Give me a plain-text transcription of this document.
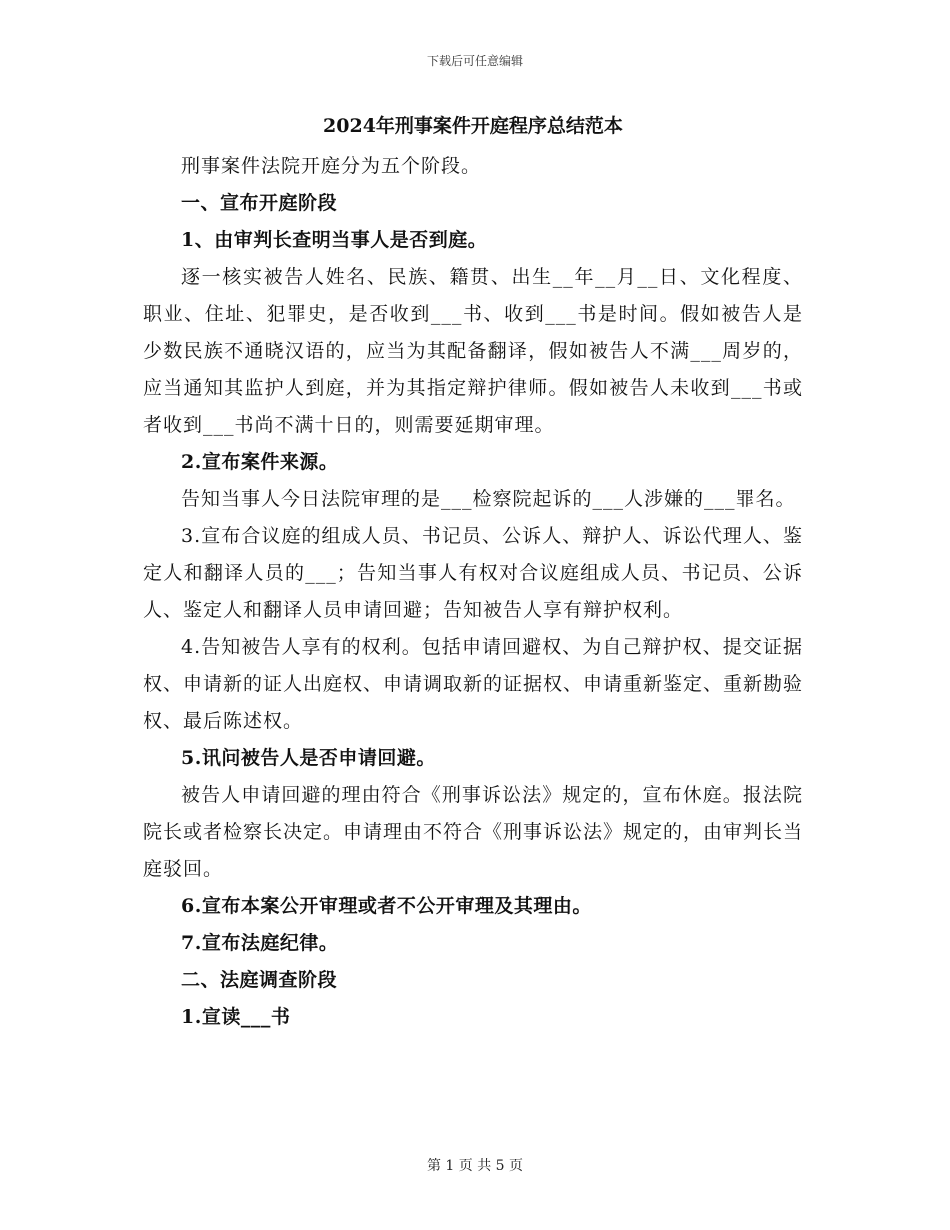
下载后可任意编辑
2024年刑事案件开庭程序总结范本

刑事案件法院开庭分为五个阶段。

一、宣布开庭阶段

1、由审判长查明当事人是否到庭。

逐一核实被告人姓名、民族、籍贯、出生__年__月__日、文化程度、职业、住址、犯罪史，是否收到___书、收到___书是时间。假如被告人是少数民族不通晓汉语的，应当为其配备翻译，假如被告人不满___周岁的，应当通知其监护人到庭，并为其指定辩护律师。假如被告人未收到___书或者收到___书尚不满十日的，则需要延期审理。

2.宣布案件来源。

告知当事人今日法院审理的是___检察院起诉的___人涉嫌的___罪名。

3.宣布合议庭的组成人员、书记员、公诉人、辩护人、诉讼代理人、鉴定人和翻译人员的___；告知当事人有权对合议庭组成人员、书记员、公诉人、鉴定人和翻译人员申请回避；告知被告人享有辩护权利。

4.告知被告人享有的权利。包括申请回避权、为自己辩护权、提交证据权、申请新的证人出庭权、申请调取新的证据权、申请重新鉴定、重新勘验权、最后陈述权。

5.讯问被告人是否申请回避。

被告人申请回避的理由符合《刑事诉讼法》规定的，宣布休庭。报法院院长或者检察长决定。申请理由不符合《刑事诉讼法》规定的，由审判长当庭驳回。

6.宣布本案公开审理或者不公开审理及其理由。

7.宣布法庭纪律。

二、法庭调查阶段

1.宣读___书

第 1 页 共 5 页
